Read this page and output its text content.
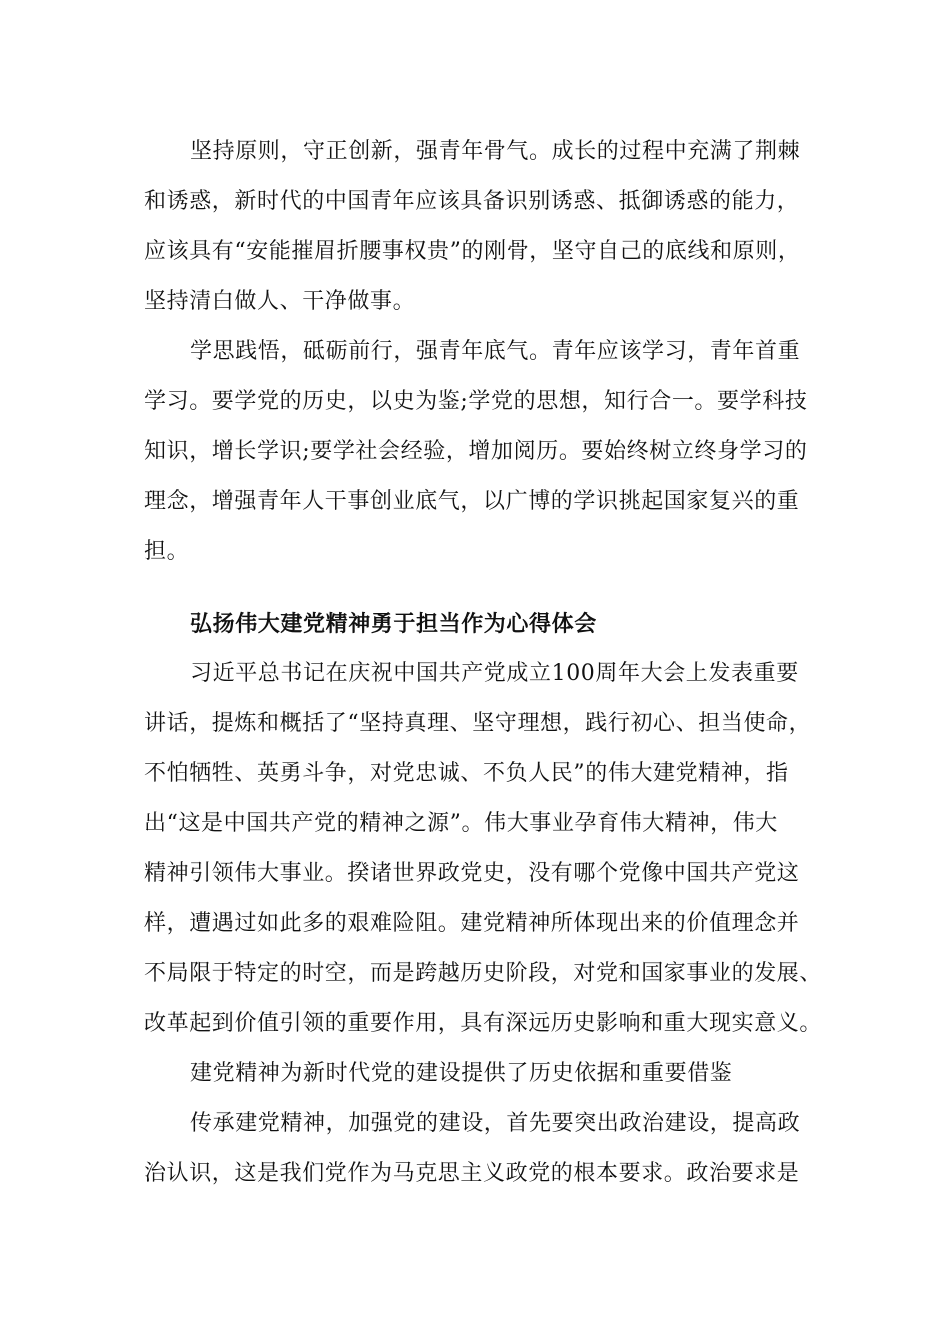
坚持原则，守正创新，强青年骨气。成长的过程中充满了荆棘
和诱惑，新时代的中国青年应该具备识别诱惑、抵御诱惑的能力，
应该具有“安能摧眉折腰事权贵”的刚骨，坚守自己的底线和原则，
坚持清白做人、干净做事。
学思践悟，砥砺前行，强青年底气。青年应该学习，青年首重
学习。要学党的历史，以史为鉴;学党的思想，知行合一。要学科技
知识，增长学识;要学社会经验，增加阅历。要始终树立终身学习的
理念，增强青年人干事创业底气，以广博的学识挑起国家复兴的重
担。
弘扬伟大建党精神勇于担当作为心得体会
习近平总书记在庆祝中国共产党成立100周年大会上发表重要
讲话，提炼和概括了“坚持真理、坚守理想，践行初心、担当使命，
不怕牺牲、英勇斗争，对党忠诚、不负人民”的伟大建党精神，指
出“这是中国共产党的精神之源”。伟大事业孕育伟大精神，伟大
精神引领伟大事业。揆诸世界政党史，没有哪个党像中国共产党这
样，遭遇过如此多的艰难险阻。建党精神所体现出来的价值理念并
不局限于特定的时空，而是跨越历史阶段，对党和国家事业的发展、
改革起到价值引领的重要作用，具有深远历史影响和重大现实意义。
建党精神为新时代党的建设提供了历史依据和重要借鉴
传承建党精神，加强党的建设，首先要突出政治建设，提高政
治认识，这是我们党作为马克思主义政党的根本要求。政治要求是
